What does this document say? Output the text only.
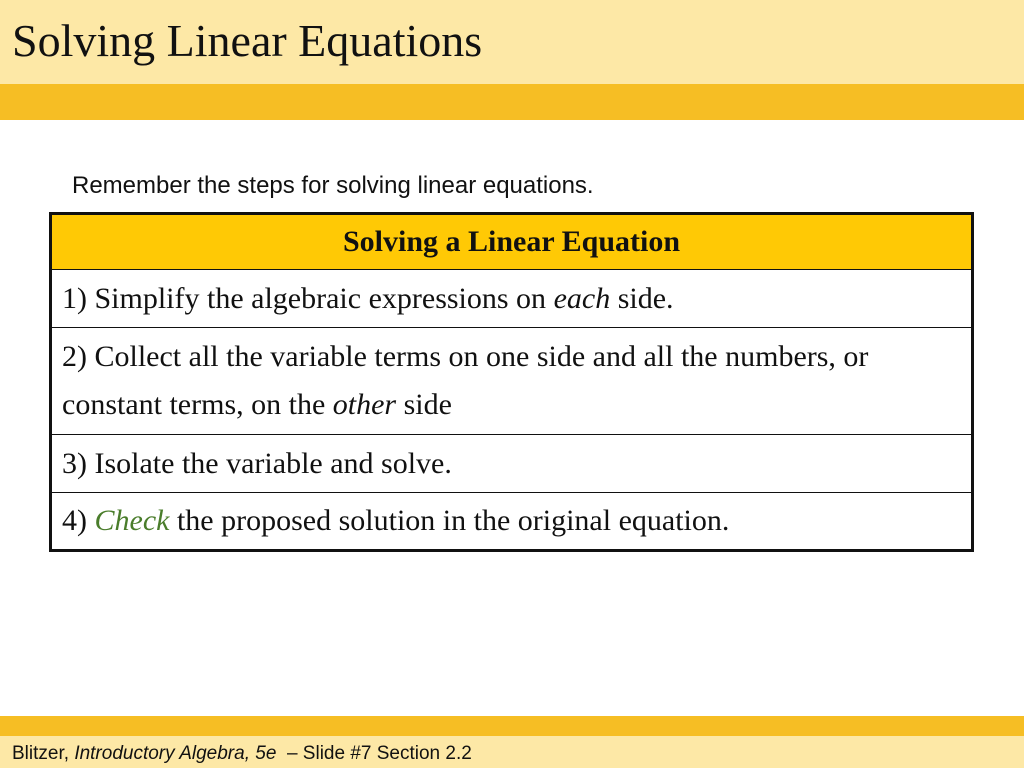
Solving Linear Equations
Remember the steps for solving linear equations.
Solving a Linear Equation
1) Simplify the algebraic expressions on each side.
2) Collect all the variable terms on one side and all the numbers, or constant terms, on the other side
3) Isolate the variable and solve.
4) Check the proposed solution in the original equation.
Blitzer, Introductory Algebra, 5e  – Slide #7 Section 2.2
